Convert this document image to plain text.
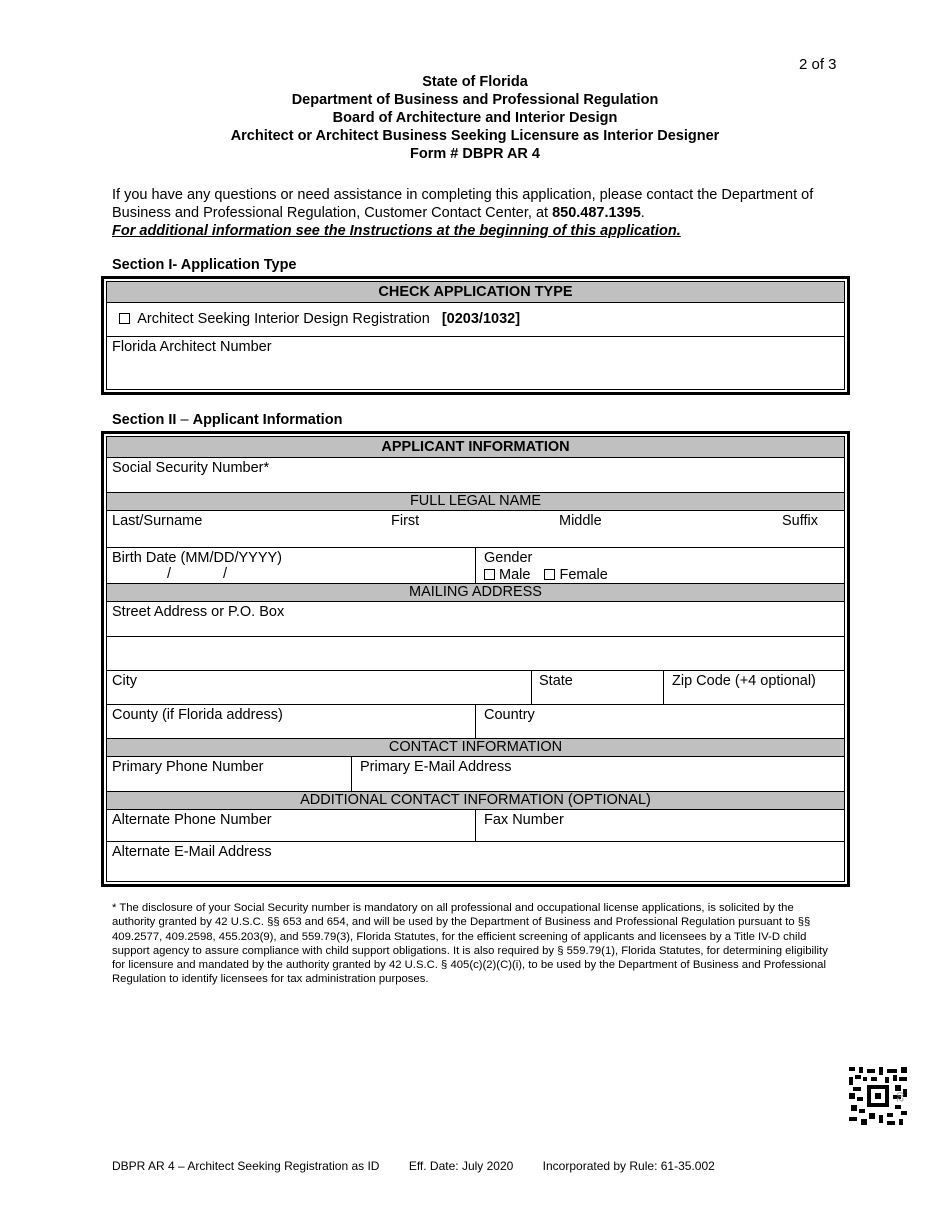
2 of 3
State of Florida
Department of Business and Professional Regulation
Board of Architecture and Interior Design
Architect or Architect Business Seeking Licensure as Interior Designer
Form # DBPR AR 4
If you have any questions or need assistance in completing this application, please contact the Department of Business and Professional Regulation, Customer Contact Center, at 850.487.1395.
For additional information see the Instructions at the beginning of this application.
Section I- Application Type
CHECK APPLICATION TYPE
Architect Seeking Interior Design Registration [0203/1032]
Florida Architect Number
Section II – Applicant Information
APPLICANT INFORMATION
Social Security Number*
FULL LEGAL NAME
Last/Surname	First	Middle	Suffix
Birth Date (MM/DD/YYYY)
/	/
Gender
Male Female
MAILING ADDRESS
Street Address or P.O. Box
City	State	Zip Code (+4 optional)
County (if Florida address)	Country
CONTACT INFORMATION
Primary Phone Number	Primary E-Mail Address
ADDITIONAL CONTACT INFORMATION (OPTIONAL)
Alternate Phone Number	Fax Number
Alternate E-Mail Address
* The disclosure of your Social Security number is mandatory on all professional and occupational license applications, is solicited by the authority granted by 42 U.S.C. §§ 653 and 654, and will be used by the Department of Business and Professional Regulation pursuant to §§ 409.2577, 409.2598, 455.203(9), and 559.79(3), Florida Statutes, for the efficient screening of applicants and licensees by a Title IV-D child support agency to assure compliance with child support obligations. It is also required by § 559.79(1), Florida Statutes, for determining eligibility for licensure and mandated by the authority granted by 42 U.S.C. § 405(c)(2)(C)(i), to be used by the Department of Business and Professional Regulation to identify licensees for tax administration purposes.
02
DBPR AR 4 – Architect Seeking Registration as ID Eff. Date: July 2020 Incorporated by Rule: 61-35.002
